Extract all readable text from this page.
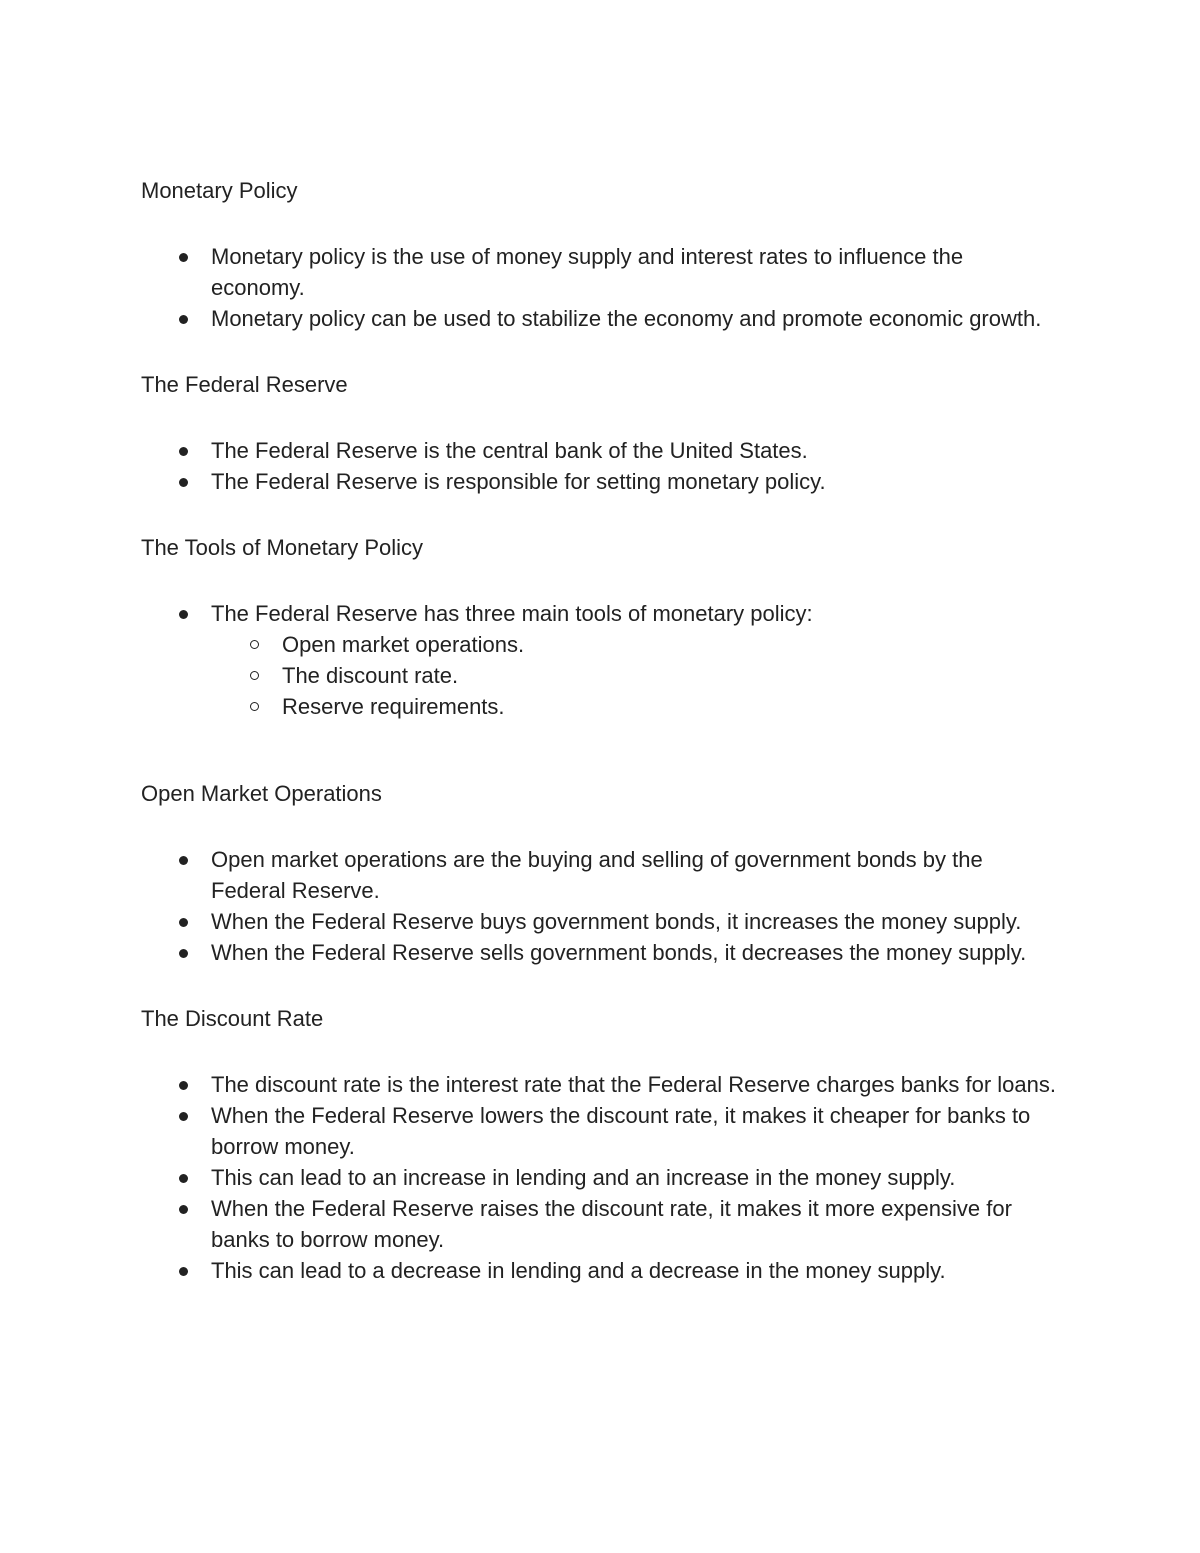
Monetary Policy
Monetary policy is the use of money supply and interest rates to influence the economy.
Monetary policy can be used to stabilize the economy and promote economic growth.
The Federal Reserve
The Federal Reserve is the central bank of the United States.
The Federal Reserve is responsible for setting monetary policy.
The Tools of Monetary Policy
The Federal Reserve has three main tools of monetary policy:
Open market operations.
The discount rate.
Reserve requirements.
Open Market Operations
Open market operations are the buying and selling of government bonds by the Federal Reserve.
When the Federal Reserve buys government bonds, it increases the money supply.
When the Federal Reserve sells government bonds, it decreases the money supply.
The Discount Rate
The discount rate is the interest rate that the Federal Reserve charges banks for loans.
When the Federal Reserve lowers the discount rate, it makes it cheaper for banks to borrow money.
This can lead to an increase in lending and an increase in the money supply.
When the Federal Reserve raises the discount rate, it makes it more expensive for banks to borrow money.
This can lead to a decrease in lending and a decrease in the money supply.
